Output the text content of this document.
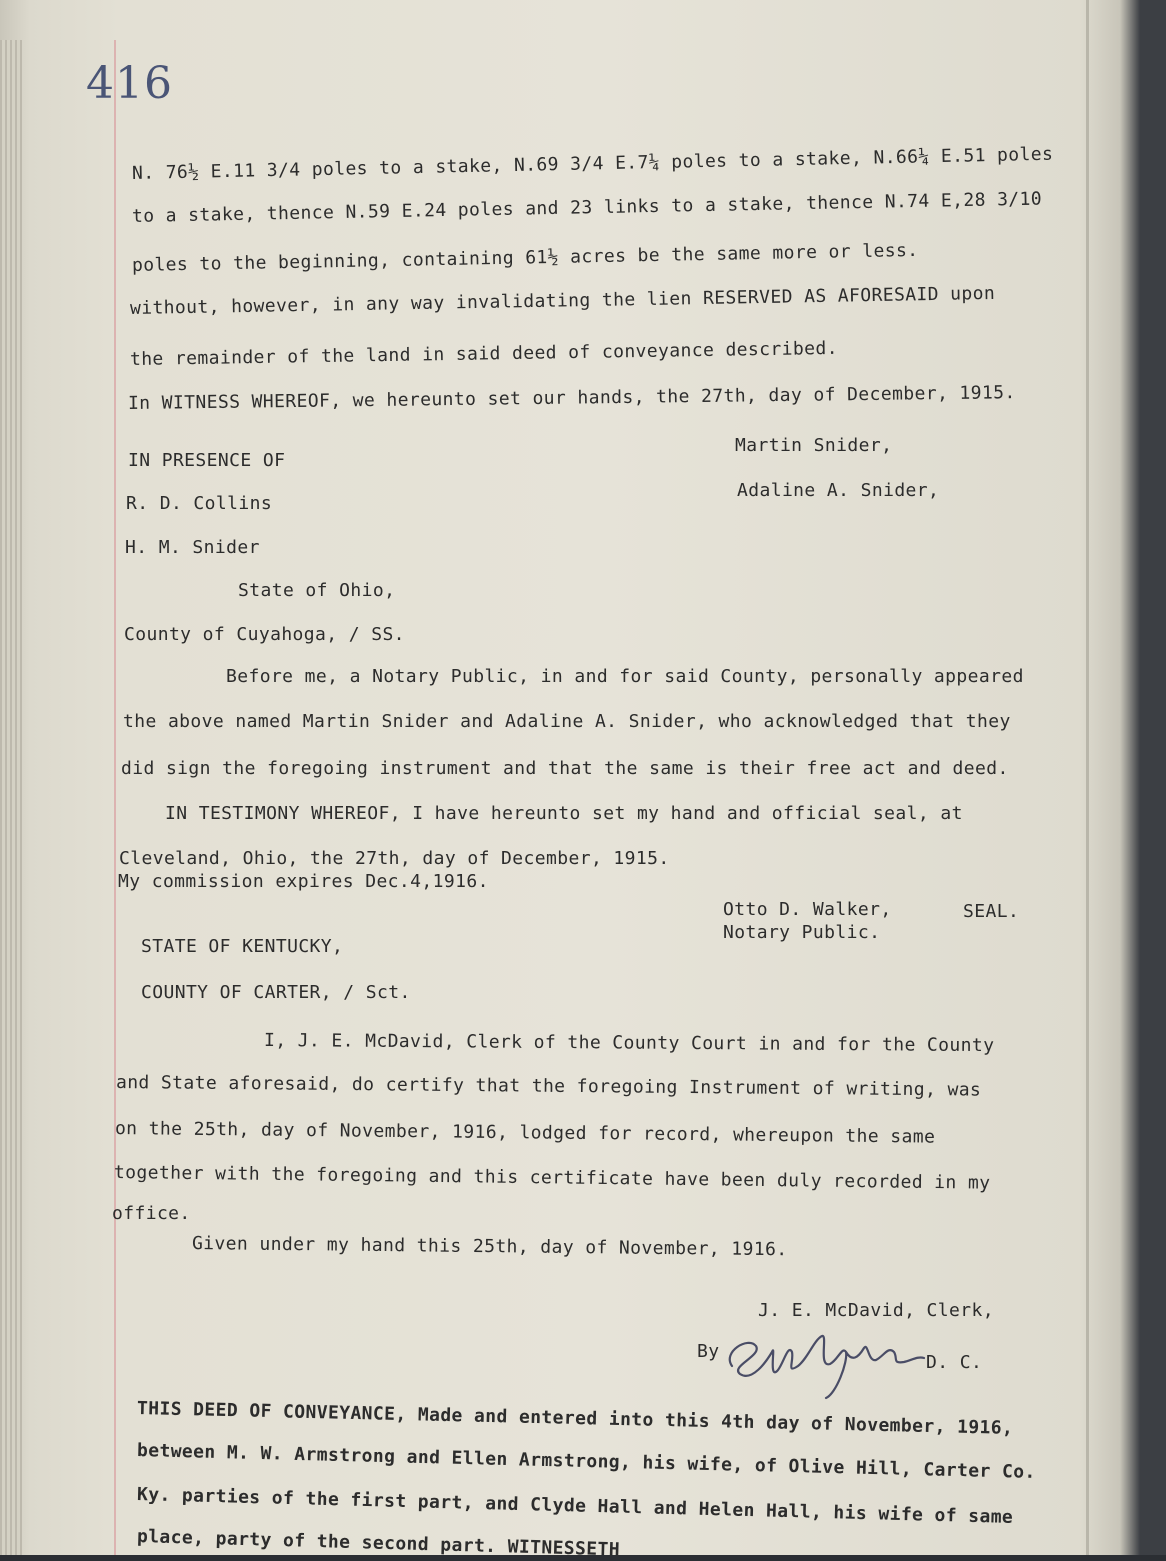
416
N. 76½ E.11 3/4 poles to a stake, N.69 3/4 E.7¼ poles to a stake, N.66¼ E.51 poles
to a stake, thence N.59 E.24 poles and 23 links to a stake, thence N.74 E,28 3/10
poles to the beginning, containing 61½ acres be the same more or less.
without, however, in any way invalidating the lien RESERVED AS AFORESAID upon
the remainder of the land in said deed of conveyance described.
In WITNESS WHEREOF, we hereunto set our hands, the 27th, day of December, 1915.
Martin Snider,
IN PRESENCE OF
Adaline A. Snider,
R. D. Collins
H. M. Snider
State of Ohio,
County of Cuyahoga, / SS.
Before me, a Notary Public, in and for said County, personally appeared
the above named Martin Snider and Adaline A. Snider, who acknowledged that they
did sign the foregoing instrument and that the same is their free act and deed.
IN TESTIMONY WHEREOF, I have hereunto set my hand and official seal, at
Cleveland, Ohio, the 27th, day of December, 1915.
My commission expires Dec.4,1916.
Otto D. Walker,	SEAL.
Notary Public.
STATE OF KENTUCKY,
COUNTY OF CARTER, / Sct.
I, J. E. McDavid, Clerk of the County Court in and for the County
and State aforesaid, do certify that the foregoing Instrument of writing, was
on the 25th, day of November, 1916, lodged for record, whereupon the same
together with the foregoing and this certificate have been duly recorded in my
office.
Given under my hand this 25th, day of November, 1916.
J. E. McDavid, Clerk,
By
D. C.
THIS DEED OF CONVEYANCE, Made and entered into this 4th day of November, 1916,
between M. W. Armstrong and Ellen Armstrong, his wife, of Olive Hill, Carter Co.
Ky. parties of the first part, and Clyde Hall and Helen Hall, his wife of same
place, party of the second part. WITNESSETH
